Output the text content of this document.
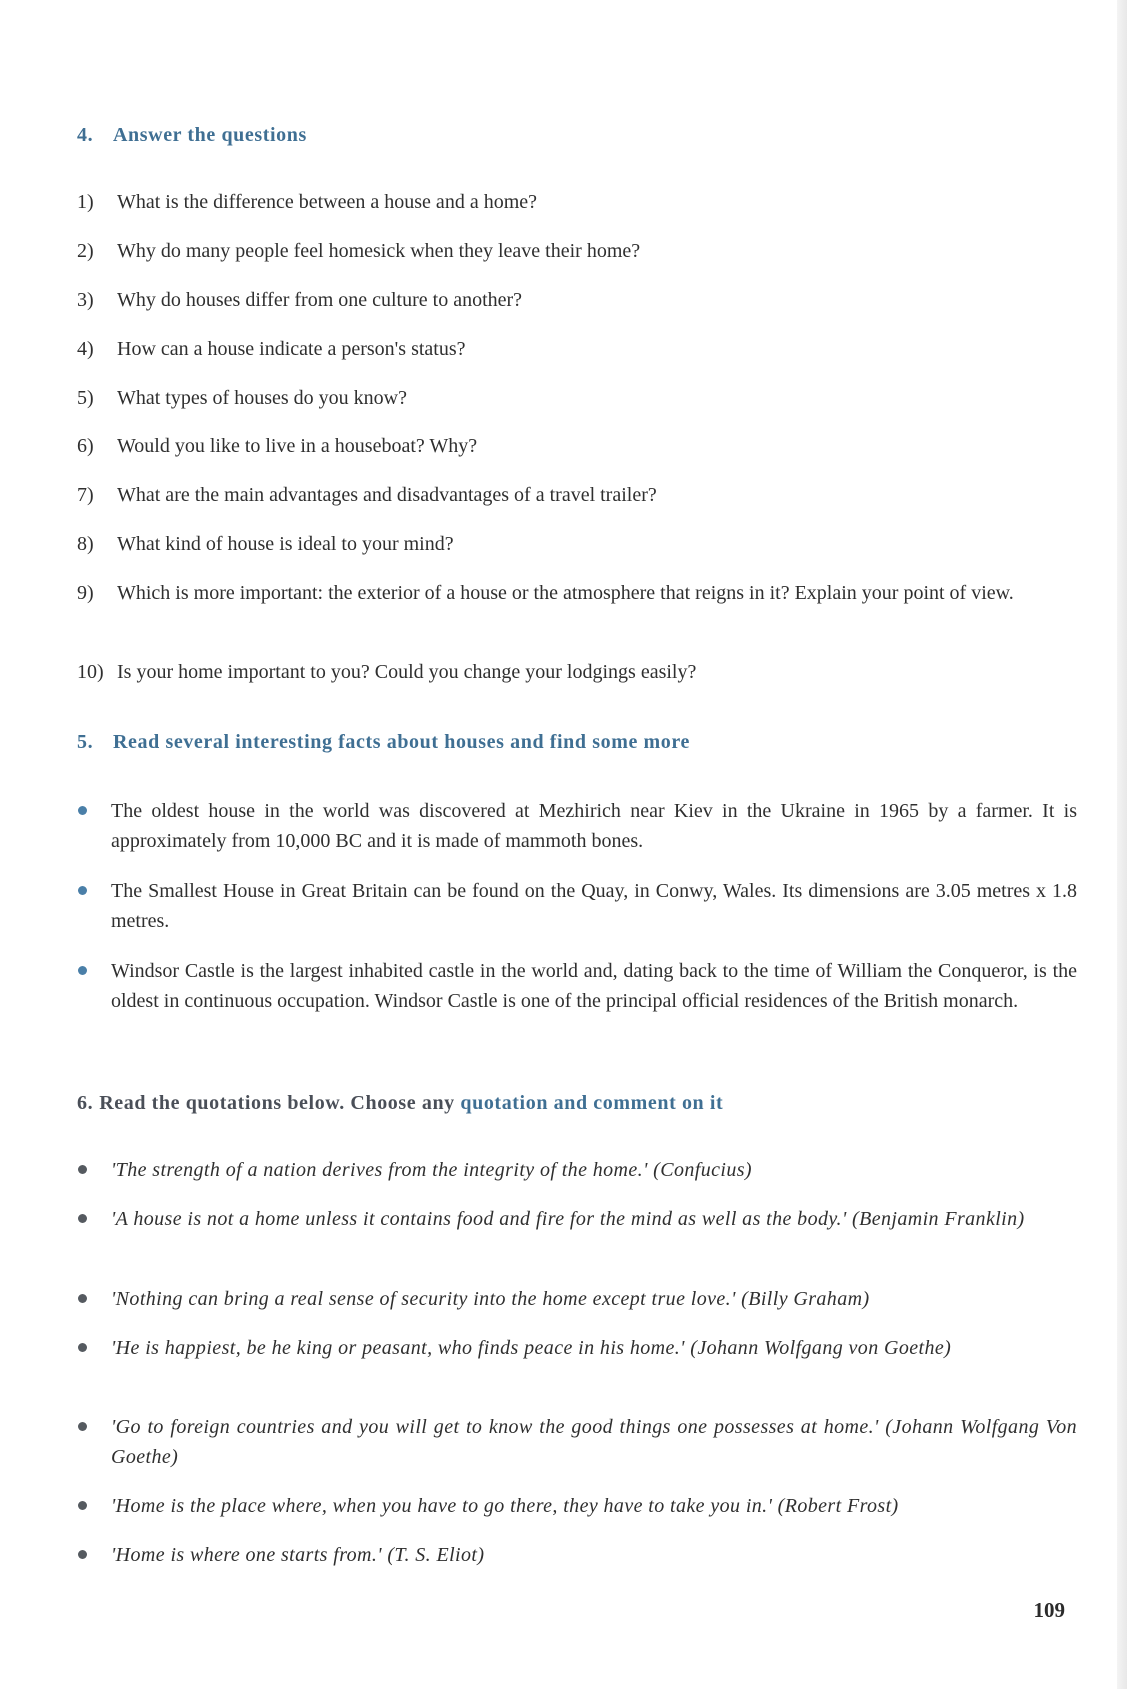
4. Answer the questions
1) What is the difference between a house and a home?
2) Why do many people feel homesick when they leave their home?
3) Why do houses differ from one culture to another?
4) How can a house indicate a person's status?
5) What types of houses do you know?
6) Would you like to live in a houseboat? Why?
7) What are the main advantages and disadvantages of a travel trailer?
8) What kind of house is ideal to your mind?
9) Which is more important: the exterior of a house or the atmosphere that reigns in it? Explain your point of view.
10) Is your home important to you? Could you change your lodgings easily?
5. Read several interesting facts about houses and find some more
The oldest house in the world was discovered at Mezhirich near Kiev in the Ukraine in 1965 by a farmer. It is approximately from 10,000 BC and it is made of mammoth bones.
The Smallest House in Great Britain can be found on the Quay, in Conwy, Wales. Its dimensions are 3.05 metres x 1.8 metres.
Windsor Castle is the largest inhabited castle in the world and, dating back to the time of William the Conqueror, is the oldest in continuous occupation. Windsor Castle is one of the principal official residences of the British monarch.
6. Read the quotations below. Choose any quotation and comment on it
'The strength of a nation derives from the integrity of the home.' (Confucius)
'A house is not a home unless it contains food and fire for the mind as well as the body.' (Benjamin Franklin)
'Nothing can bring a real sense of security into the home except true love.' (Billy Graham)
'He is happiest, be he king or peasant, who finds peace in his home.' (Johann Wolfgang von Goethe)
'Go to foreign countries and you will get to know the good things one possesses at home.' (Johann Wolfgang Von Goethe)
'Home is the place where, when you have to go there, they have to take you in.' (Robert Frost)
'Home is where one starts from.' (T. S. Eliot)
109
